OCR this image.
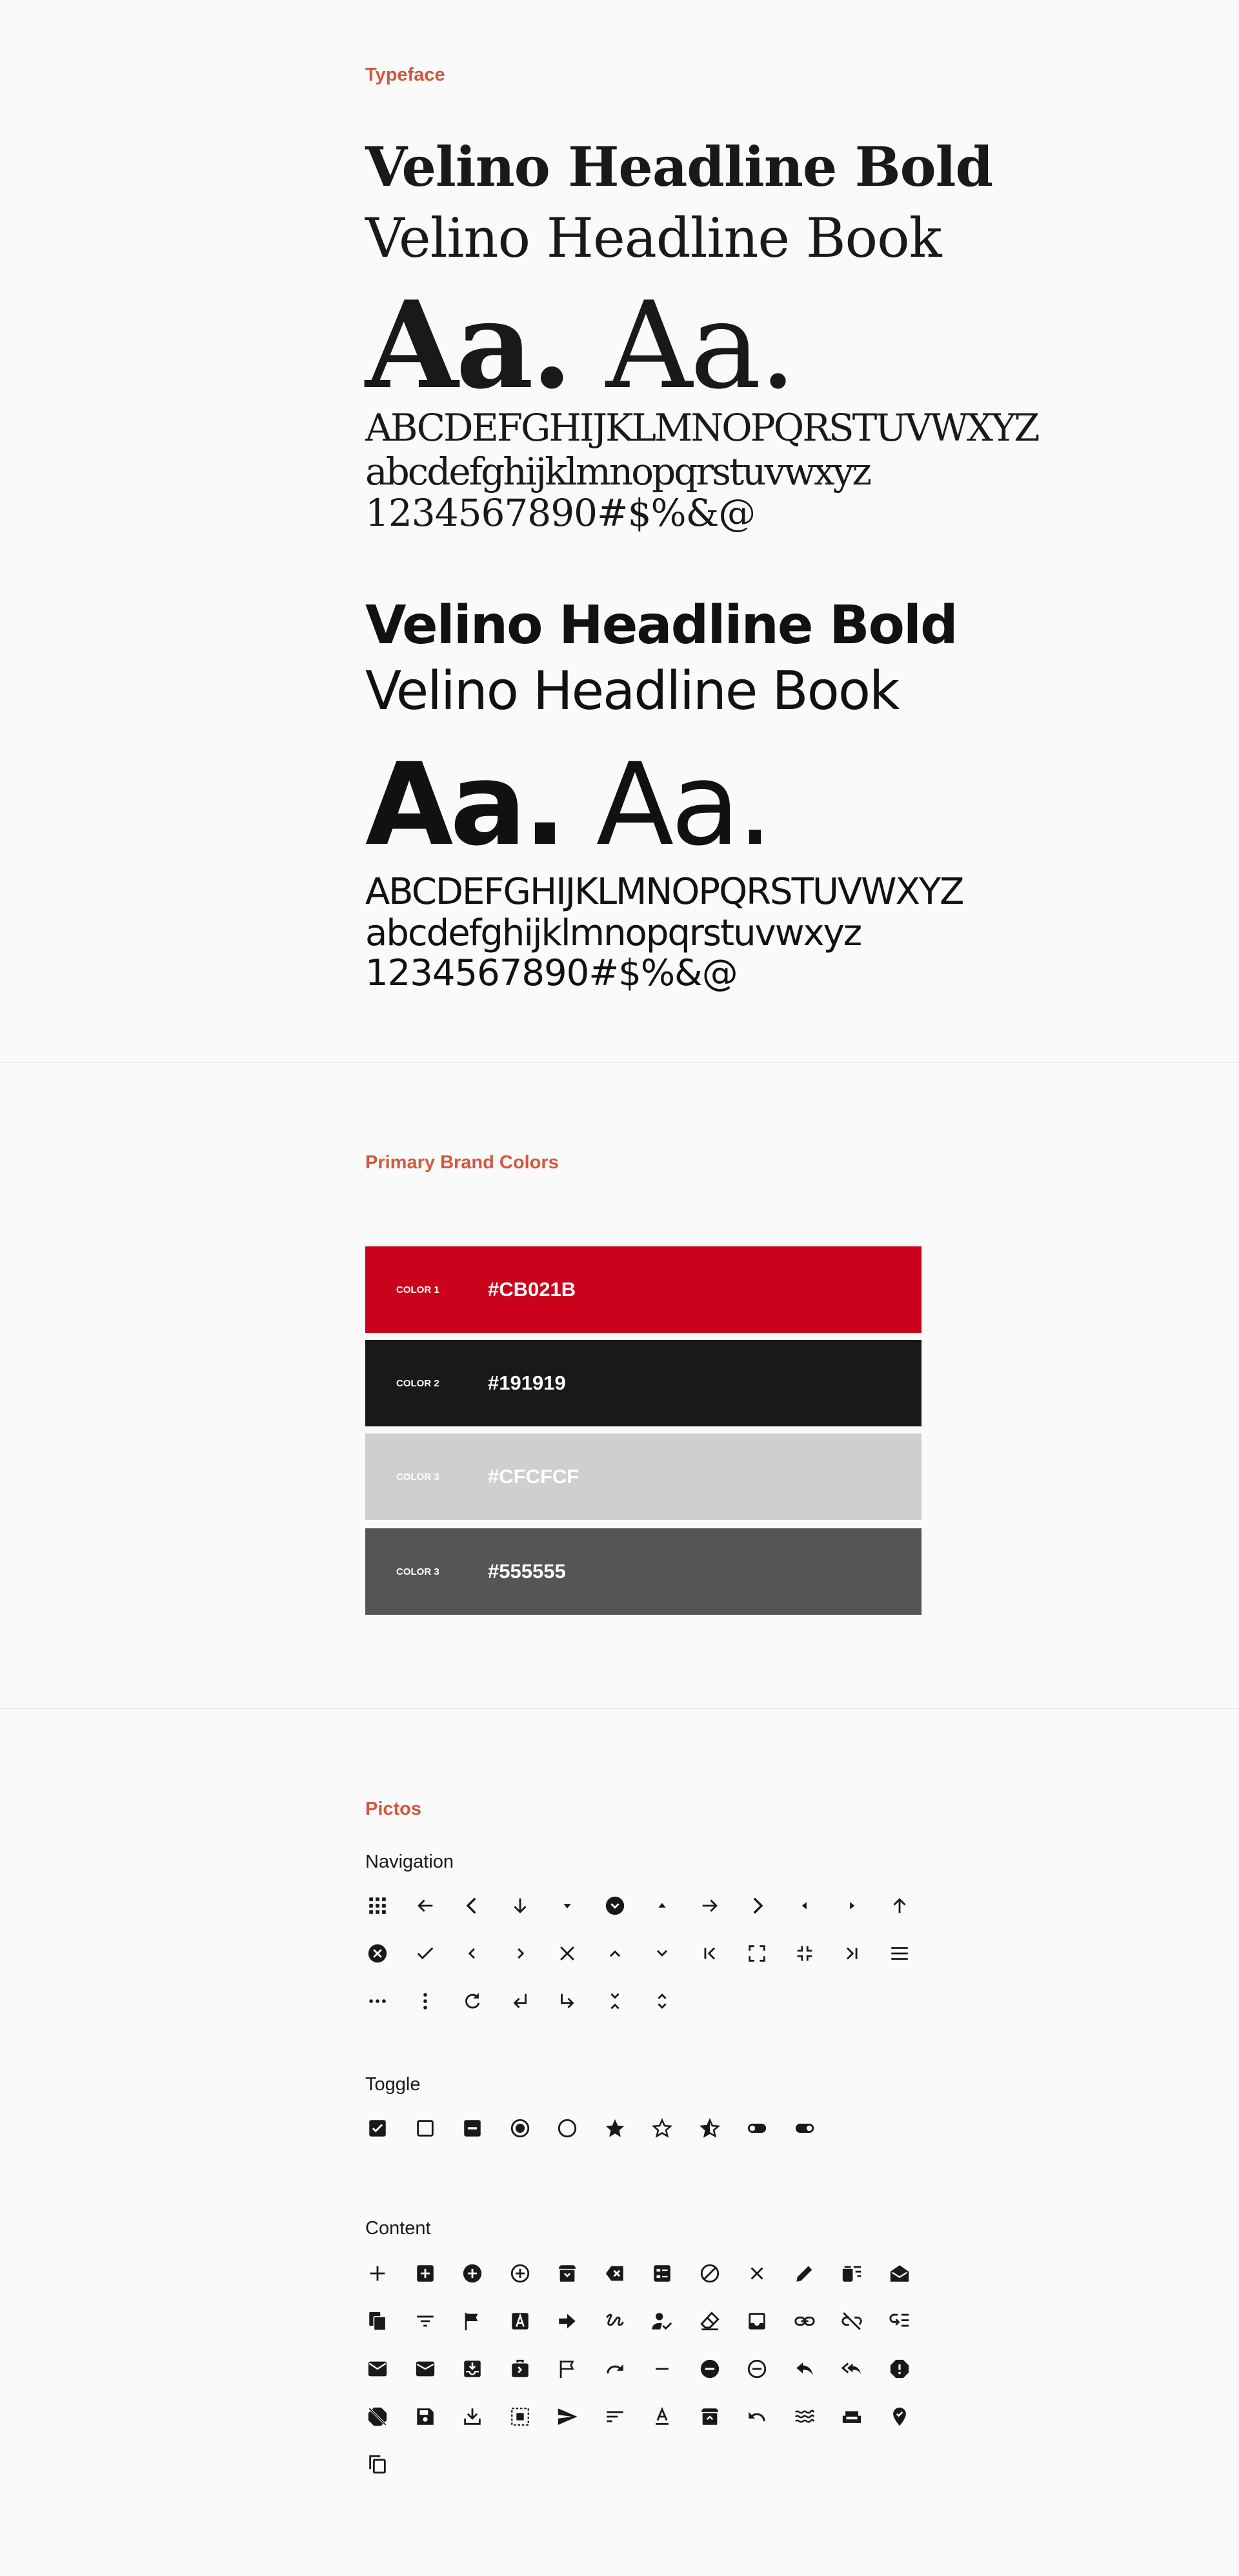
Typeface
Velino Headline Bold
Velino Headline Book
Aa. Aa.
ABCDEFGHIJKLMNOPQRSTUVWXYZ
abcdefghijklmnopqrstuvwxyz
1234567890#$%&@
Velino Headline Bold
Velino Headline Book
Aa. Aa.
ABCDEFGHIJKLMNOPQRSTUVWXYZ
abcdefghijklmnopqrstuvwxyz
1234567890#$%&@
Primary Brand Colors
COLOR 1	#CB021B
COLOR 2	#191919
COLOR 3	#CFCFCF
COLOR 3	#555555
Pictos
Navigation
Toggle
Content
